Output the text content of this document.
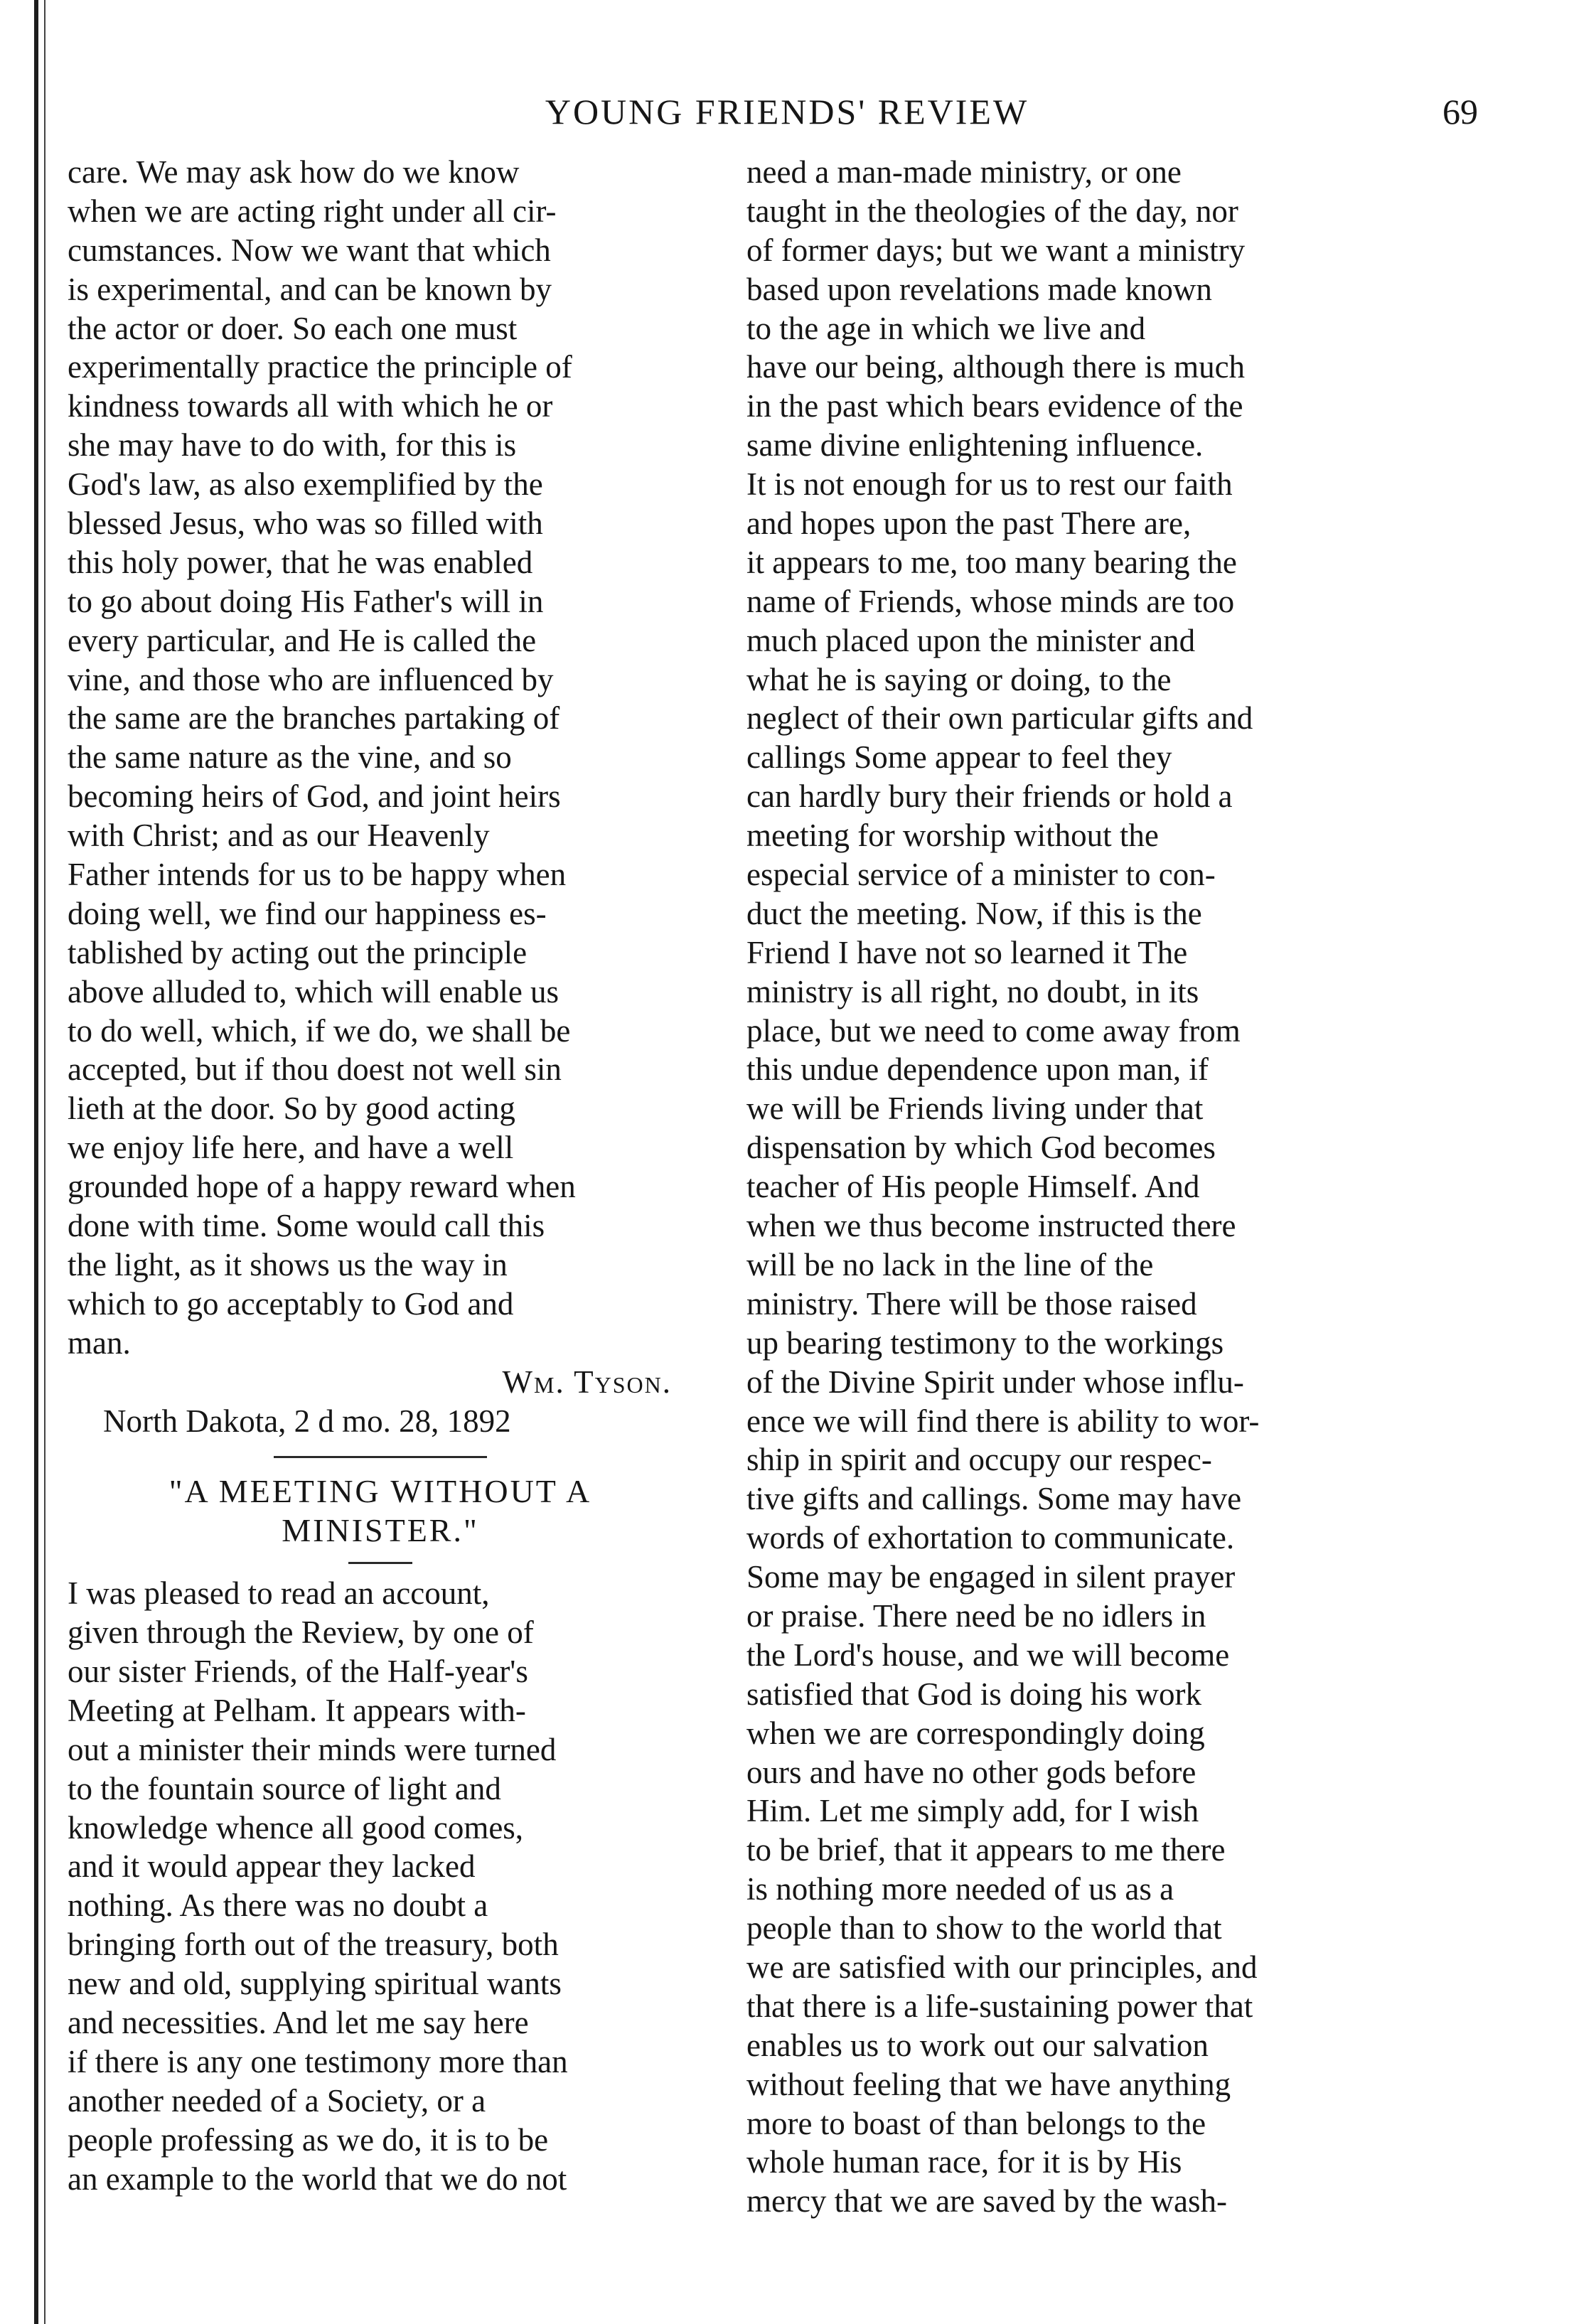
YOUNG FRIENDS' REVIEW	69
care. We may ask how do we know
when we are acting right under all cir-
cumstances. Now we want that which
is experimental, and can be known by
the actor or doer. So each one must
experimentally practice the principle of
kindness towards all with which he or
she may have to do with, for this is
God's law, as also exemplified by the
blessed Jesus, who was so filled with
this holy power, that he was enabled
to go about doing His Father's will in
every particular, and He is called the
vine, and those who are influenced by
the same are the branches partaking of
the same nature as the vine, and so
becoming heirs of God, and joint heirs
with Christ; and as our Heavenly
Father intends for us to be happy when
doing well, we find our happiness es-
tablished by acting out the principle
above alluded to, which will enable us
to do well, which, if we do, we shall be
accepted, but if thou doest not well sin
lieth at the door. So by good acting
we enjoy life here, and have a well
grounded hope of a happy reward when
done with time. Some would call this
the light, as it shows us the way in
which to go acceptably to God and
man.
Wm. Tyson.
North Dakota, 2 d mo. 28, 1892
"A MEETING WITHOUT A
MINISTER."
I was pleased to read an account,
given through the Review, by one of
our sister Friends, of the Half-year's
Meeting at Pelham. It appears with-
out a minister their minds were turned
to the fountain source of light and
knowledge whence all good comes,
and it would appear they lacked
nothing. As there was no doubt a
bringing forth out of the treasury, both
new and old, supplying spiritual wants
and necessities. And let me say here
if there is any one testimony more than
another needed of a Society, or a
people professing as we do, it is to be
an example to the world that we do not
need a man-made ministry, or one
taught in the theologies of the day, nor
of former days; but we want a ministry
based upon revelations made known
to the age in which we live and
have our being, although there is much
in the past which bears evidence of the
same divine enlightening influence.
It is not enough for us to rest our faith
and hopes upon the past There are,
it appears to me, too many bearing the
name of Friends, whose minds are too
much placed upon the minister and
what he is saying or doing, to the
neglect of their own particular gifts and
callings Some appear to feel they
can hardly bury their friends or hold a
meeting for worship without the
especial service of a minister to con-
duct the meeting. Now, if this is the
Friend I have not so learned it The
ministry is all right, no doubt, in its
place, but we need to come away from
this undue dependence upon man, if
we will be Friends living under that
dispensation by which God becomes
teacher of His people Himself. And
when we thus become instructed there
will be no lack in the line of the
ministry. There will be those raised
up bearing testimony to the workings
of the Divine Spirit under whose influ-
ence we will find there is ability to wor-
ship in spirit and occupy our respec-
tive gifts and callings. Some may have
words of exhortation to communicate.
Some may be engaged in silent prayer
or praise. There need be no idlers in
the Lord's house, and we will become
satisfied that God is doing his work
when we are correspondingly doing
ours and have no other gods before
Him. Let me simply add, for I wish
to be brief, that it appears to me there
is nothing more needed of us as a
people than to show to the world that
we are satisfied with our principles, and
that there is a life-sustaining power that
enables us to work out our salvation
without feeling that we have anything
more to boast of than belongs to the
whole human race, for it is by His
mercy that we are saved by the wash-
